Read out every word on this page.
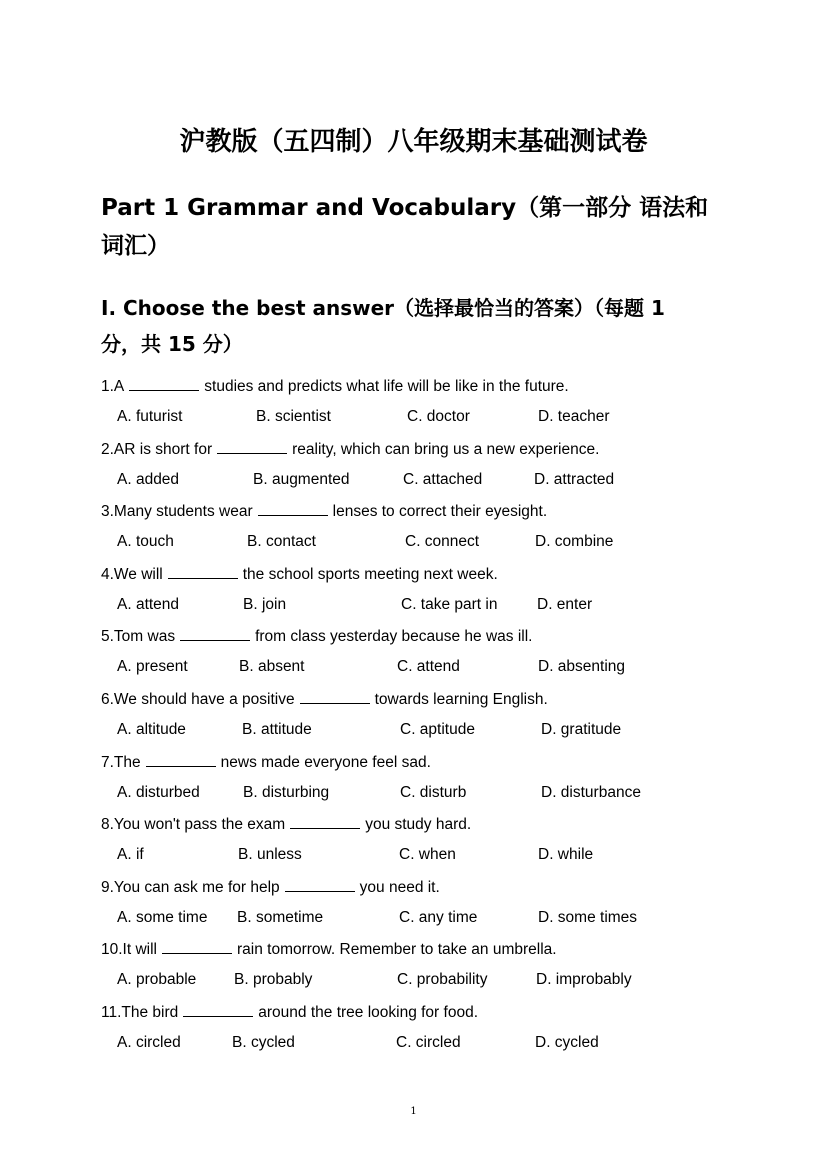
沪教版（五四制）八年级期末基础测试卷
Part 1 Grammar and Vocabulary（第一部分 语法和词汇）
I. Choose the best answer（选择最恰当的答案）（每题 1 分，共 15 分）
1.A	studies and predicts what life will be like in the future.
A. futurist	B. scientist	C. doctor	D. teacher
2.AR is short for	reality, which can bring us a new experience.
A. added	B. augmented	C. attached	D. attracted
3.Many students wear	lenses to correct their eyesight.
A. touch	B. contact	C. connect	D. combine
4.We will	the school sports meeting next week.
A. attend	B. join	C. take part in	D. enter
5.Tom was	from class yesterday because he was ill.
A. present	B. absent	C. attend	D. absenting
6.We should have a positive	towards learning English.
A. altitude	B. attitude	C. aptitude	D. gratitude
7.The	news made everyone feel sad.
A. disturbed	B. disturbing	C. disturb	D. disturbance
8.You won't pass the exam	you study hard.
A. if	B. unless	C. when	D. while
9.You can ask me for help	you need it.
A. some time B. sometime	C. any time	D. some times
10.It will	rain tomorrow. Remember to take an umbrella.
A. probable B. probably	C. probability	D. improbably
11.The bird	around the tree looking for food.
A. circled	B. cycled	C. circled	D. cycled
1
